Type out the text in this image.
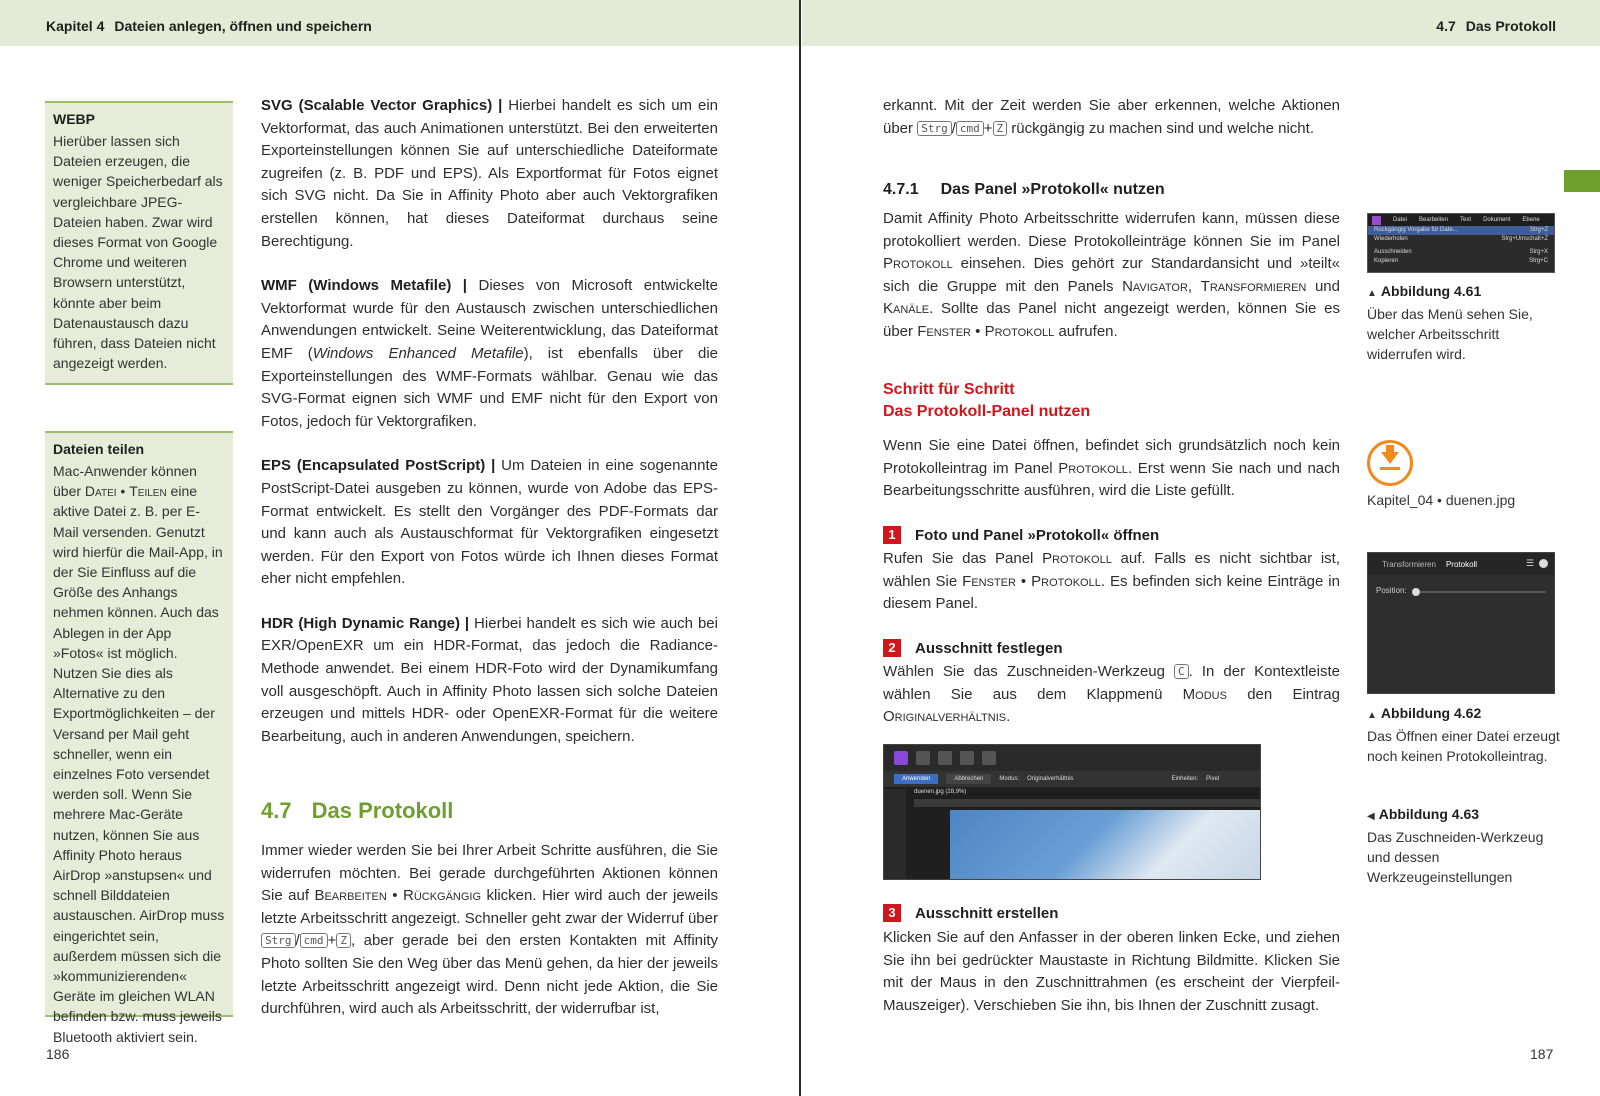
Kapitel 4 Dateien anlegen, öffnen und speichern	4.7 Das Protokoll
WEBP
Hierüber lassen sich Dateien erzeugen, die weniger Speicherbedarf als vergleichbare JPEG-Dateien haben. Zwar wird dieses Format von Google Chrome und weiteren Browsern unterstützt, könnte aber beim Datenaustausch dazu führen, dass Dateien nicht angezeigt werden.
Dateien teilen
Mac-Anwender können über Datei • Teilen eine aktive Datei z. B. per E-Mail versenden. Genutzt wird hierfür die Mail-App, in der Sie Einfluss auf die Größe des Anhangs nehmen können. Auch das Ablegen in der App »Fotos« ist möglich. Nutzen Sie dies als Alternative zu den Exportmöglichkeiten – der Versand per Mail geht schneller, wenn ein einzelnes Foto versendet werden soll. Wenn Sie mehrere Mac-Geräte nutzen, können Sie aus Affinity Photo heraus AirDrop »anstupsen« und schnell Bilddateien austauschen. AirDrop muss eingerichtet sein, außerdem müssen sich die »kommunizierenden« Geräte im gleichen WLAN befinden bzw. muss jeweils Bluetooth aktiviert sein.

SVG (Scalable Vector Graphics) | Hierbei handelt es sich um ein Vektorformat, das auch Animationen unterstützt. Bei den erweiterten Exporteinstellungen können Sie auf unterschiedliche Dateiformate zugreifen (z. B. PDF und EPS). Als Exportformat für Fotos eignet sich SVG nicht. Da Sie in Affinity Photo aber auch Vektorgrafiken erstellen können, hat dieses Dateiformat durchaus seine Berechtigung.

WMF (Windows Metafile) | Dieses von Microsoft entwickelte Vektorformat wurde für den Austausch zwischen unterschiedlichen Anwendungen entwickelt. Seine Weiterentwicklung, das Dateiformat EMF (Windows Enhanced Metafile), ist ebenfalls über die Exporteinstellungen des WMF-Formats wählbar. Genau wie das SVG-Format eignen sich WMF und EMF nicht für den Export von Fotos, jedoch für Vektorgrafiken.

EPS (Encapsulated PostScript) | Um Dateien in eine sogenannte PostScript-Datei ausgeben zu können, wurde von Adobe das EPS-Format entwickelt. Es stellt den Vorgänger des PDF-Formats dar und kann auch als Austauschformat für Vektorgrafiken eingesetzt werden. Für den Export von Fotos würde ich Ihnen dieses Format eher nicht empfehlen.

HDR (High Dynamic Range) | Hierbei handelt es sich wie auch bei EXR/OpenEXR um ein HDR-Format, das jedoch die Radiance-Methode anwendet. Bei einem HDR-Foto wird der Dynamikumfang voll ausgeschöpft. Auch in Affinity Photo lassen sich solche Dateien erzeugen und mittels HDR- oder OpenEXR-Format für die weitere Bearbeitung, auch in anderen Anwendungen, speichern.

4.7 Das Protokoll
Immer wieder werden Sie bei Ihrer Arbeit Schritte ausführen, die Sie widerrufen möchten. Bei gerade durchgeführten Aktionen können Sie auf Bearbeiten • Rückgängig klicken. Hier wird auch der jeweils letzte Arbeitsschritt angezeigt. Schneller geht zwar der Widerruf über Strg / cmd + Z , aber gerade bei den ersten Kontakten mit Affinity Photo sollten Sie den Weg über das Menü gehen, da hier der jeweils letzte Arbeitsschritt angezeigt wird. Denn nicht jede Aktion, die Sie durchführen, wird auch als Arbeitsschritt, der widerrufbar ist,
186
erkannt. Mit der Zeit werden Sie aber erkennen, welche Aktionen über Strg / cmd + Z rückgängig zu machen sind und welche nicht.
4.7.1 Das Panel »Protokoll« nutzen
Damit Affinity Photo Arbeitsschritte widerrufen kann, müssen diese protokolliert werden. Diese Protokolleinträge können Sie im Panel Protokoll einsehen. Dies gehört zur Standardansicht und »teilt« sich die Gruppe mit den Panels Navigator, Transformieren und Kanäle. Sollte das Panel nicht angezeigt werden, können Sie es über Fenster • Protokoll aufrufen.
Schritt für Schritt
Das Protokoll-Panel nutzen
Wenn Sie eine Datei öffnen, befindet sich grundsätzlich noch kein Protokolleintrag im Panel Protokoll. Erst wenn Sie nach und nach Bearbeitungsschritte ausführen, wird die Liste gefüllt.
1	Foto und Panel »Protokoll« öffnen
Rufen Sie das Panel Protokoll auf. Falls es nicht sichtbar ist, wählen Sie Fenster • Protokoll. Es befinden sich keine Einträge in diesem Panel.
2	Ausschnitt festlegen
Wählen Sie das Zuschneiden-Werkzeug C . In der Kontextleiste wählen Sie aus dem Klappmenü Modus den Eintrag Originalverhältnis.
Anwenden	Abbrechen	Modus: Originalverhältnis	Einheiten: Pixel
duenen.jpg (28,9%)
3	Ausschnitt erstellen
Klicken Sie auf den Anfasser in der oberen linken Ecke, und ziehen Sie ihn bei gedrückter Maustaste in Richtung Bildmitte. Klicken Sie mit der Maus in den Zuschnittrahmen (es erscheint der Vierpfeil-Mauszeiger). Verschieben Sie ihn, bis Ihnen der Zuschnitt zusagt.
187
Datei Bearbeiten Text Dokument Ebene
Rückgängig Vorgabe für Date...	Strg+Z
Wiederholen	Strg+Umschalt+Z
Ausschneiden	Strg+X
Kopieren	Strg+C
▲ Abbildung 4.61
Über das Menü sehen Sie, welcher Arbeitsschritt widerrufen wird.
Kapitel_04 • duenen.jpg
Transformieren Protokoll	☰
Position:
▲ Abbildung 4.62
Das Öffnen einer Datei erzeugt noch keinen Protokolleintrag.
◀ Abbildung 4.63
Das Zuschneiden-Werkzeug und dessen Werkzeugeinstellungen
